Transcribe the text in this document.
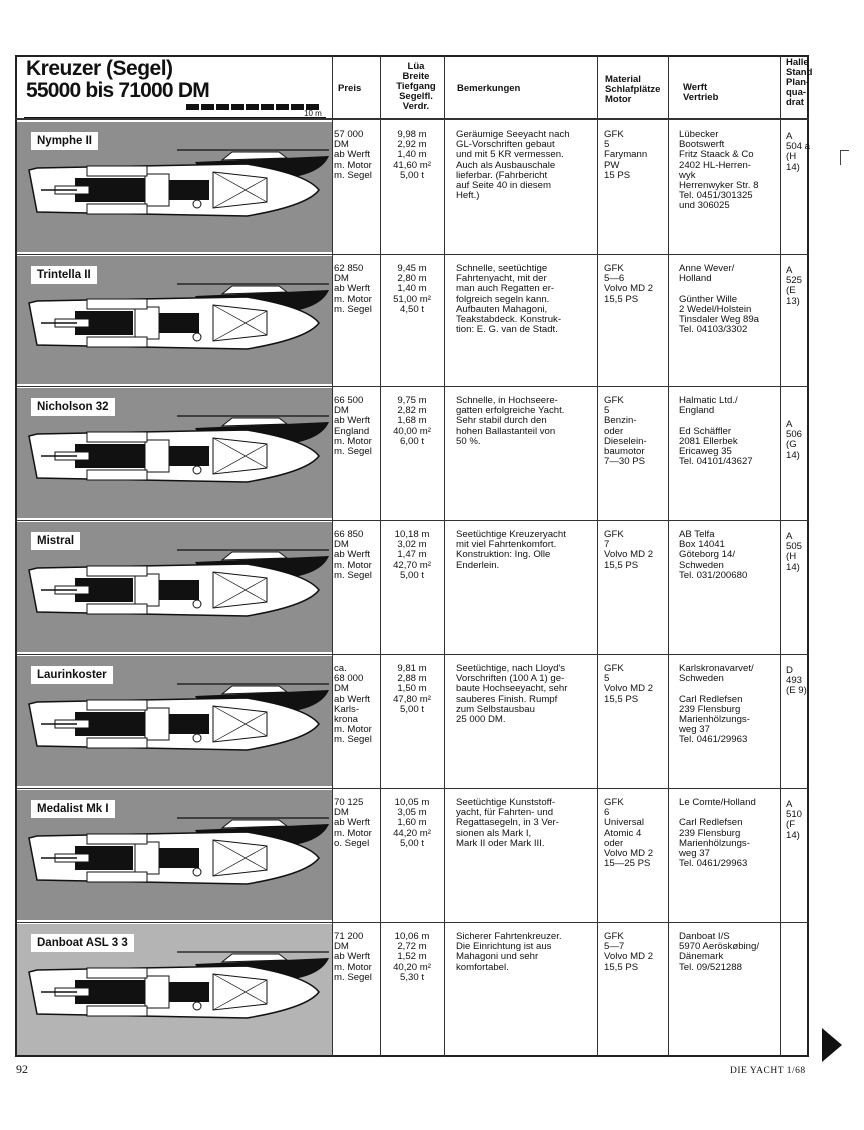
Kreuzer (Segel)
55000 bis 71000 DM
10 m
Preis
Lüa
Breite
Tiefgang
Segelfl.
Verdr.
Bemerkungen
Material
Schlafplätze
Motor
Werft
Vertrieb
Halle
Stand
Plan-
qua-
drat
Nymphe II
57 000 DM
ab Werft
m. Motor
m. Segel
9,98 m
2,92 m
1,40 m
41,60 m²
5,00 t
Geräumige Seeyacht nach
GL-Vorschriften gebaut
und mit 5 KR vermessen.
Auch als Ausbauschale
lieferbar. (Fahrbericht
auf Seite 40 in diesem
Heft.)
GFK
5
Farymann
PW
15 PS
Lübecker
Bootswerft
Fritz Staack & Co
2402 HL-Herren-
wyk
Herrenwyker Str. 8
Tel. 0451/301325
und 306025
A
504 a
(H 14)
Trintella II
62 850 DM
ab Werft
m. Motor
m. Segel
9,45 m
2,80 m
1,40 m
51,00 m²
4,50 t
Schnelle, seetüchtige
Fahrtenyacht, mit der
man auch Regatten er-
folgreich segeln kann.
Aufbauten Mahagoni,
Teakstabdeck. Konstruk-
tion: E. G. van de Stadt.
GFK
5—6
Volvo MD 2
15,5 PS
Anne Wever/
Holland

Günther Wille
2 Wedel/Holstein
Tinsdaler Weg 89a
Tel. 04103/3302
A
525
(E 13)
Nicholson 32
66 500 DM
ab Werft
England
m. Motor
m. Segel
9,75 m
2,82 m
1,68 m
40,00 m²
6,00 t
Schnelle, in Hochseere-
gatten erfolgreiche Yacht.
Sehr stabil durch den
hohen Ballastanteil von
50 %.
GFK
5
Benzin-
oder
Dieselein-
baumotor
7—30 PS
Halmatic Ltd./
England

Ed Schäffler
2081 Ellerbek
Ericaweg 35
Tel. 04101/43627
A
506
(G 14)
Mistral
66 850 DM
ab Werft
m. Motor
m. Segel
10,18 m
3,02 m
1,47 m
42,70 m²
5,00 t
Seetüchtige Kreuzeryacht
mit viel Fahrtenkomfort.
Konstruktion: Ing. Olle
Enderlein.
GFK
7
Volvo MD 2
15,5 PS
AB Telfa
Box 14041
Göteborg 14/
Schweden
Tel. 031/200680
A
505
(H 14)
Laurinkoster
ca.
68 000 DM
ab Werft
Karls-
krona
m. Motor
m. Segel
9,81 m
2,88 m
1,50 m
47,80 m²
5,00 t
Seetüchtige, nach Lloyd's
Vorschriften (100 A 1) ge-
baute Hochseeyacht, sehr
sauberes Finish. Rumpf
zum Selbstausbau
25 000 DM.
GFK
5
Volvo MD 2
15,5 PS
Karlskronavarvet/
Schweden

Carl Redlefsen
239 Flensburg
Marienhölzungs-
weg 37
Tel. 0461/29963
D
493
(E 9)
Medalist Mk I
70 125 DM
ab Werft
m. Motor
o. Segel
10,05 m
3,05 m
1,60 m
44,20 m²
5,00 t
Seetüchtige Kunststoff-
yacht, für Fahrten- und
Regattasegeln, in 3 Ver-
sionen als Mark I,
Mark II oder Mark III.
GFK
6
Universal
Atomic 4
oder
Volvo MD 2
15—25 PS
Le Comte/Holland

Carl Redlefsen
239 Flensburg
Marienhölzungs-
weg 37
Tel. 0461/29963
A
510
(F 14)
Danboat ASL 3 3
71 200 DM
ab Werft
m. Motor
m. Segel
10,06 m
2,72 m
1,52 m
40,20 m²
5,30 t
Sicherer Fahrtenkreuzer.
Die Einrichtung ist aus
Mahagoni und sehr
komfortabel.
GFK
5—7
Volvo MD 2
15,5 PS
Danboat I/S
5970 Aeröskøbing/
Dänemark
Tel. 09/521288
92	DIE YACHT 1/68
